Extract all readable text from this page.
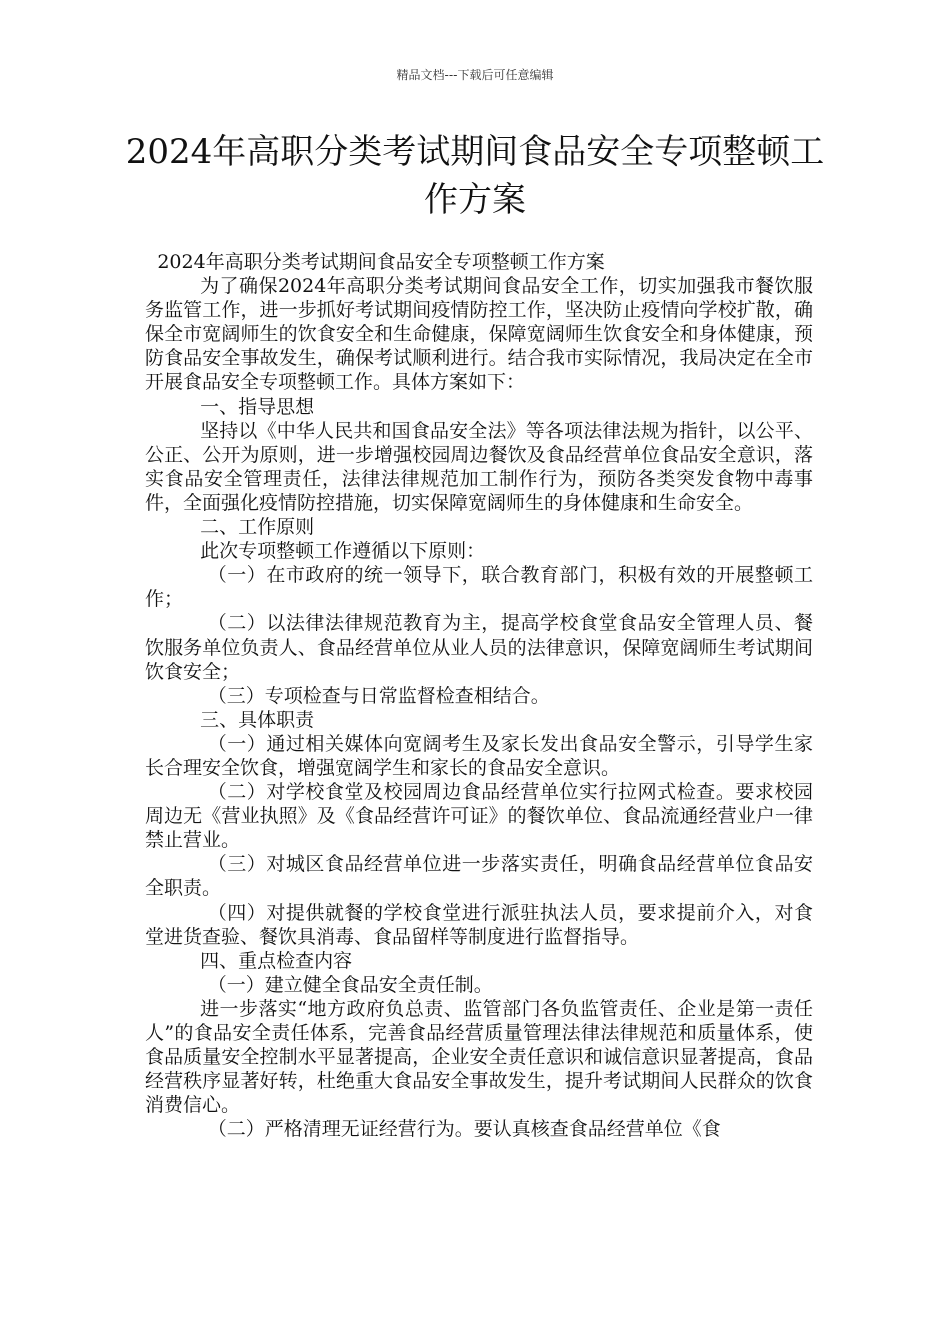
精品文档---下载后可任意编辑
2024年高职分类考试期间食品安全专项整顿工作方案

2024年高职分类考试期间食品安全专项整顿工作方案

为了确保2024年高职分类考试期间食品安全工作，切实加强我市餐饮服务监管工作，进一步抓好考试期间疫情防控工作，坚决防止疫情向学校扩散，确保全市宽阔师生的饮食安全和生命健康，保障宽阔师生饮食安全和身体健康，预防食品安全事故发生，确保考试顺利进行。结合我市实际情况，我局决定在全市开展食品安全专项整顿工作。具体方案如下：

一、指导思想

坚持以《中华人民共和国食品安全法》等各项法律法规为指针，以公平、公正、公开为原则，进一步增强校园周边餐饮及食品经营单位食品安全意识，落实食品安全管理责任，法律法律规范加工制作行为，预防各类突发食物中毒事件，全面强化疫情防控措施，切实保障宽阔师生的身体健康和生命安全。

二、工作原则

此次专项整顿工作遵循以下原则：

（一）在市政府的统一领导下，联合教育部门，积极有效的开展整顿工作；

（二）以法律法律规范教育为主，提高学校食堂食品安全管理人员、餐饮服务单位负责人、食品经营单位从业人员的法律意识，保障宽阔师生考试期间饮食安全；

（三）专项检查与日常监督检查相结合。

三、具体职责

（一）通过相关媒体向宽阔考生及家长发出食品安全警示，引导学生家长合理安全饮食，增强宽阔学生和家长的食品安全意识。

（二）对学校食堂及校园周边食品经营单位实行拉网式检查。要求校园周边无《营业执照》及《食品经营许可证》的餐饮单位、食品流通经营业户一律禁止营业。

（三）对城区食品经营单位进一步落实责任，明确食品经营单位食品安全职责。

（四）对提供就餐的学校食堂进行派驻执法人员，要求提前介入，对食堂进货查验、餐饮具消毒、食品留样等制度进行监督指导。

四、重点检查内容

（一）建立健全食品安全责任制。

进一步落实“地方政府负总责、监管部门各负监管责任、企业是第一责任人”的食品安全责任体系，完善食品经营质量管理法律法律规范和质量体系，使食品质量安全控制水平显著提高，企业安全责任意识和诚信意识显著提高，食品经营秩序显著好转，杜绝重大食品安全事故发生，提升考试期间人民群众的饮食消费信心。

（二）严格清理无证经营行为。要认真核查食品经营单位《食
